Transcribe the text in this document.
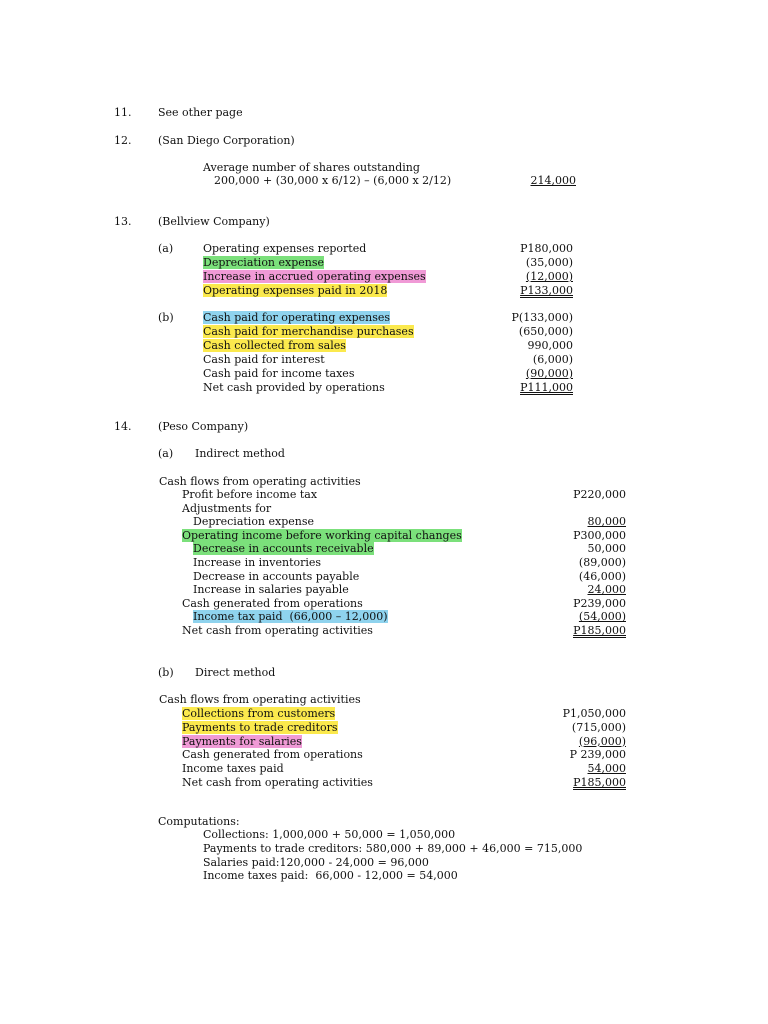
11. See other page
12. (San Diego Corporation)
Average number of shares outstanding
200,000 + (30,000 x 6/12) – (6,000 x 2/12)	214,000
13. (Bellview Company)
(a)	Operating expenses reported	P180,000
Depreciation expense	(35,000)
Increase in accrued operating expenses	(12,000)
Operating expenses paid in 2018	P133,000
(b)	Cash paid for operating expenses	P(133,000)
Cash paid for merchandise purchases	(650,000)
Cash collected from sales	990,000
Cash paid for interest	(6,000)
Cash paid for income taxes	(90,000)
Net cash provided by operations	P111,000
14. (Peso Company)
(a) Indirect method
Cash flows from operating activities
Profit before income tax	P220,000
Adjustments for
Depreciation expense	80,000
Operating income before working capital changes	P300,000
Decrease in accounts receivable	50,000
Increase in inventories	(89,000)
Decrease in accounts payable	(46,000)
Increase in salaries payable	24,000
Cash generated from operations	P239,000
Income tax paid  (66,000 – 12,000)	(54,000)
Net cash from operating activities	P185,000
(b) Direct method
Cash flows from operating activities
Collections from customers	P1,050,000
Payments to trade creditors	(715,000)
Payments for salaries	(96,000)
Cash generated from operations	P 239,000
Income taxes paid	54,000
Net cash from operating activities	P185,000
Computations:
Collections: 1,000,000 + 50,000 = 1,050,000
Payments to trade creditors: 580,000 + 89,000 + 46,000 = 715,000
Salaries paid:120,000 - 24,000 = 96,000
Income taxes paid:  66,000 - 12,000 = 54,000
